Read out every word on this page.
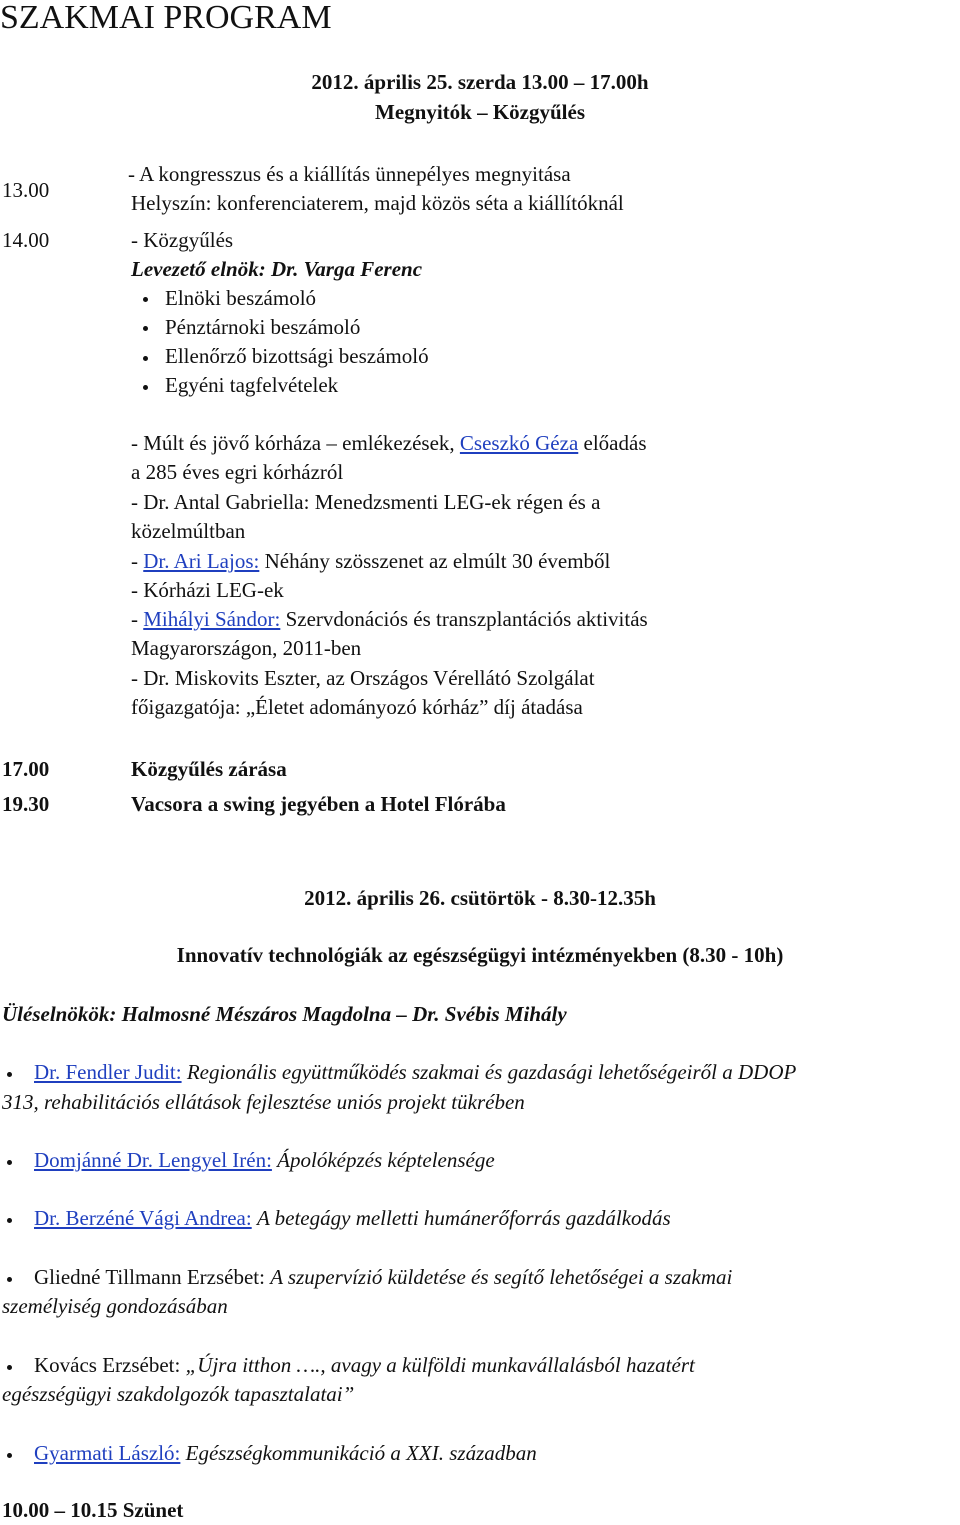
SZAKMAI PROGRAM
2012. április 25. szerda 13.00 – 17.00h
Megnyitók – Közgyűlés
13.00
- A kongresszus és a kiállítás ünnepélyes megnyitása
Helyszín: konferenciaterem, majd közös séta a kiállítóknál
14.00	- Közgyűlés
Levezető elnök: Dr. Varga Ferenc
Elnöki beszámoló
Pénztárnoki beszámoló
Ellenőrző bizottsági beszámoló
Egyéni tagfelvételek
- Múlt és jövő kórháza – emlékezések, Cseszkó Géza előadás
a 285 éves egri kórházról
- Dr. Antal Gabriella: Menedzsmenti LEG-ek régen és a
közelmúltban
- Dr. Ari Lajos: Néhány szösszenet az elmúlt 30 évemből
- Kórházi LEG-ek
- Mihályi Sándor: Szervdonációs és transzplantációs aktivitás
Magyarországon, 2011-ben
- Dr. Miskovits Eszter, az Országos Vérellátó Szolgálat
főigazgatója: „Életet adományozó kórház” díj átadása
17.00	Közgyűlés zárása
19.30	Vacsora a swing jegyében a Hotel Flórába
2012. április 26. csütörtök - 8.30-12.35h
Innovatív technológiák az egészségügyi intézményekben (8.30 - 10h)
Üléselnökök: Halmosné Mészáros Magdolna – Dr. Svébis Mihály
Dr. Fendler Judit: Regionális együttműködés szakmai és gazdasági lehetőségeiről a DDOP
313, rehabilitációs ellátások fejlesztése uniós projekt tükrében
Domjánné Dr. Lengyel Irén: Ápolóképzés képtelensége
Dr. Berzéné Vági Andrea: A betegágy melletti humánerőforrás gazdálkodás
Gliedné Tillmann Erzsébet: A szupervízió küldetése és segítő lehetőségei a szakmai
személyiség gondozásában
Kovács Erzsébet: „Újra itthon …., avagy a külföldi munkavállalásból hazatért
egészségügyi szakdolgozók tapasztalatai”
Gyarmati László: Egészségkommunikáció a XXI. században
10.00 – 10.15 Szünet
